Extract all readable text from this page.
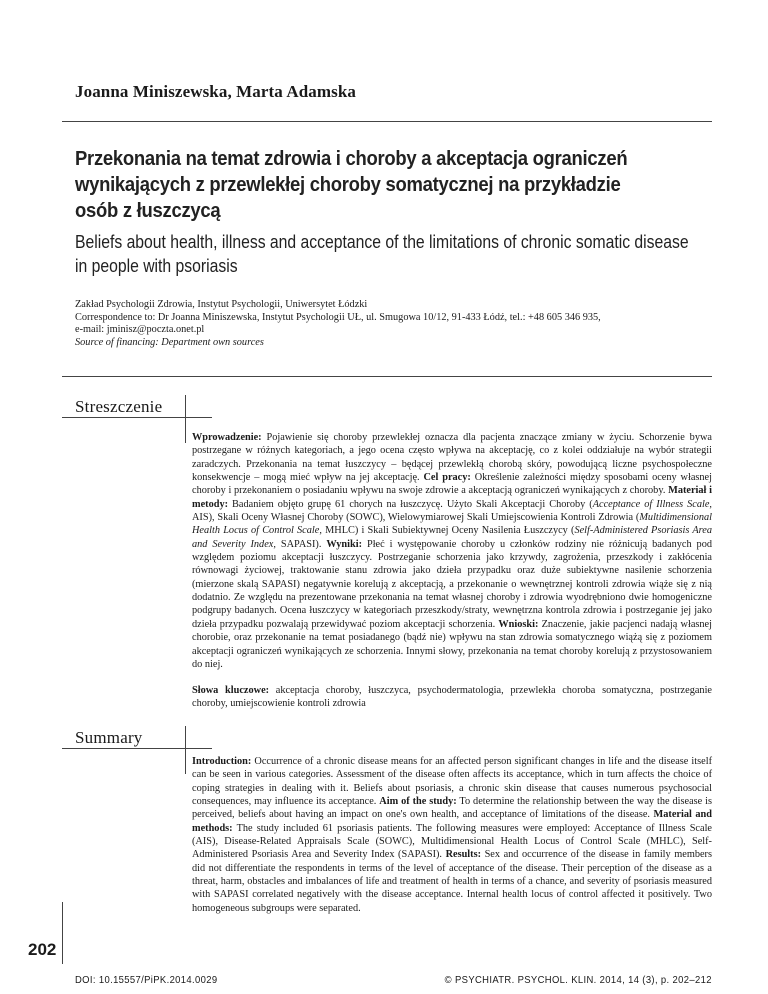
Joanna Miniszewska, Marta Adamska
Przekonania na temat zdrowia i choroby a akceptacja ograniczeń
wynikających z przewlekłej choroby somatycznej na przykładzie
osób z łuszczycą
Beliefs about health, illness and acceptance of the limitations of chronic somatic disease
in people with psoriasis
Zakład Psychologii Zdrowia, Instytut Psychologii, Uniwersytet Łódzki
Correspondence to: Dr Joanna Miniszewska, Instytut Psychologii UŁ, ul. Smugowa 10/12, 91-433 Łódź, tel.: +48 605 346 935,
e-mail: jminisz@poczta.onet.pl
Source of financing: Department own sources
Streszczenie
Wprowadzenie: Pojawienie się choroby przewlekłej oznacza dla pacjenta znaczące zmiany w życiu. Schorzenie bywa postrzegane w różnych kategoriach, a jego ocena często wpływa na akceptację, co z kolei oddziałuje na wybór strategii zaradczych. Przekonania na temat łuszczycy – będącej przewlekłą chorobą skóry, powodującą liczne psychospołeczne konsekwencje – mogą mieć wpływ na jej akceptację. Cel pracy: Określenie zależności między sposobami oceny własnej choroby i przekonaniem o posiadaniu wpływu na swoje zdrowie a akceptacją ograniczeń wynikających z choroby. Materiał i metody: Badaniem objęto grupę 61 chorych na łuszczycę. Użyto Skali Akceptacji Choroby (Acceptance of Illness Scale, AIS), Skali Oceny Własnej Choroby (SOWC), Wielowymiarowej Skali Umiejscowienia Kontroli Zdrowia (Multidimensional Health Locus of Control Scale, MHLC) i Skali Subiektywnej Oceny Nasilenia Łuszczycy (Self-Administered Psoriasis Area and Severity Index, SAPASI). Wyniki: Płeć i występowanie choroby u członków rodziny nie różnicują badanych pod względem poziomu akceptacji łuszczycy. Postrzeganie schorzenia jako krzywdy, zagrożenia, przeszkody i zakłócenia równowagi życiowej, traktowanie stanu zdrowia jako dzieła przypadku oraz duże subiektywne nasilenie schorzenia (mierzone skalą SAPASI) negatywnie korelują z akceptacją, a przekonanie o wewnętrznej kontroli zdrowia wiąże się z nią dodatnio. Ze względu na prezentowane przekonania na temat własnej choroby i zdrowia wyodrębniono dwie homogeniczne podgrupy badanych. Ocena łuszczycy w kategoriach przeszkody/straty, wewnętrzna kontrola zdrowia i postrzeganie jej jako dzieła przypadku pozwalają przewidywać poziom akceptacji schorzenia. Wnioski: Znaczenie, jakie pacjenci nadają własnej chorobie, oraz przekonanie na temat posiadanego (bądź nie) wpływu na stan zdrowia somatycznego wiążą się z poziomem akceptacji ograniczeń wynikających ze schorzenia. Innymi słowy, przekonania na temat choroby korelują z przystosowaniem do niej.
Słowa kluczowe: akceptacja choroby, łuszczyca, psychodermatologia, przewlekła choroba somatyczna, postrzeganie choroby, umiejscowienie kontroli zdrowia
Summary
Introduction: Occurrence of a chronic disease means for an affected person significant changes in life and the disease itself can be seen in various categories. Assessment of the disease often affects its acceptance, which in turn affects the choice of coping strategies in dealing with it. Beliefs about psoriasis, a chronic skin disease that causes numerous psychosocial consequences, may influence its acceptance. Aim of the study: To determine the relationship between the way the disease is perceived, beliefs about having an impact on one's own health, and acceptance of limitations of the disease. Material and methods: The study included 61 psoriasis patients. The following measures were employed: Acceptance of Illness Scale (AIS), Disease-Related Appraisals Scale (SOWC), Multidimensional Health Locus of Control Scale (MHLC), Self-Administered Psoriasis Area and Severity Index (SAPASI). Results: Sex and occurrence of the disease in family members did not differentiate the respondents in terms of the level of acceptance of the disease. Their perception of the disease as a threat, harm, obstacles and imbalances of life and treatment of health in terms of a chance, and severity of psoriasis measured with SAPASI correlated negatively with the disease acceptance. Internal health locus of control affected it positively. Two homogeneous subgroups were separated.
202
DOI: 10.15557/PiPK.2014.0029	© PSYCHIATR. PSYCHOL. KLIN. 2014, 14 (3), p. 202–212
